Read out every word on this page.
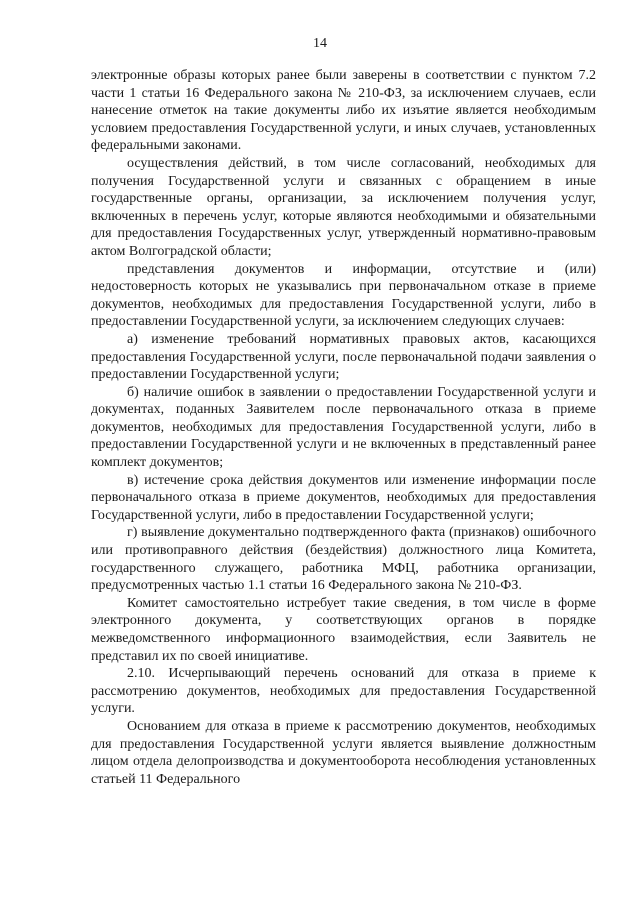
14

электронные образы которых ранее были заверены в соответствии с пунктом 7.2 части 1 статьи 16 Федерального закона № 210-ФЗ, за исключением случаев, если нанесение отметок на такие документы либо их изъятие является необходимым условием предоставления Государственной услуги, и иных случаев, установленных федеральными законами.

осуществления действий, в том числе согласований, необходимых для получения Государственной услуги и связанных с обращением в иные государственные органы, организации, за исключением получения услуг, включенных в перечень услуг, которые являются необходимыми и обязательными для предоставления Государственных услуг, утвержденный нормативно-правовым актом Волгоградской области;

представления документов и информации, отсутствие и (или) недостоверность которых не указывались при первоначальном отказе в приеме документов, необходимых для предоставления Государственной услуги, либо в предоставлении Государственной услуги, за исключением следующих случаев:

а) изменение требований нормативных правовых актов, касающихся предоставления Государственной услуги, после первоначальной подачи заявления о предоставлении Государственной услуги;

б) наличие ошибок в заявлении о предоставлении Государственной услуги и документах, поданных Заявителем после первоначального отказа в приеме документов, необходимых для предоставления Государственной услуги, либо в предоставлении Государственной услуги и не включенных в представленный ранее комплект документов;

в) истечение срока действия документов или изменение информации после первоначального отказа в приеме документов, необходимых для предоставления Государственной услуги, либо в предоставлении Государственной услуги;

г) выявление документально подтвержденного факта (признаков) ошибочного или противоправного действия (бездействия) должностного лица Комитета, государственного служащего, работника МФЦ, работника организации, предусмотренных частью 1.1 статьи 16 Федерального закона № 210-ФЗ.

Комитет самостоятельно истребует такие сведения, в том числе в форме электронного документа, у соответствующих органов в порядке межведомственного информационного взаимодействия, если Заявитель не представил их по своей инициативе.

2.10. Исчерпывающий перечень оснований для отказа в приеме к рассмотрению документов, необходимых для предоставления Государственной услуги.

Основанием для отказа в приеме к рассмотрению документов, необходимых для предоставления Государственной услуги является выявление должностным лицом отдела делопроизводства и документооборота несоблюдения установленных статьей 11 Федерального
